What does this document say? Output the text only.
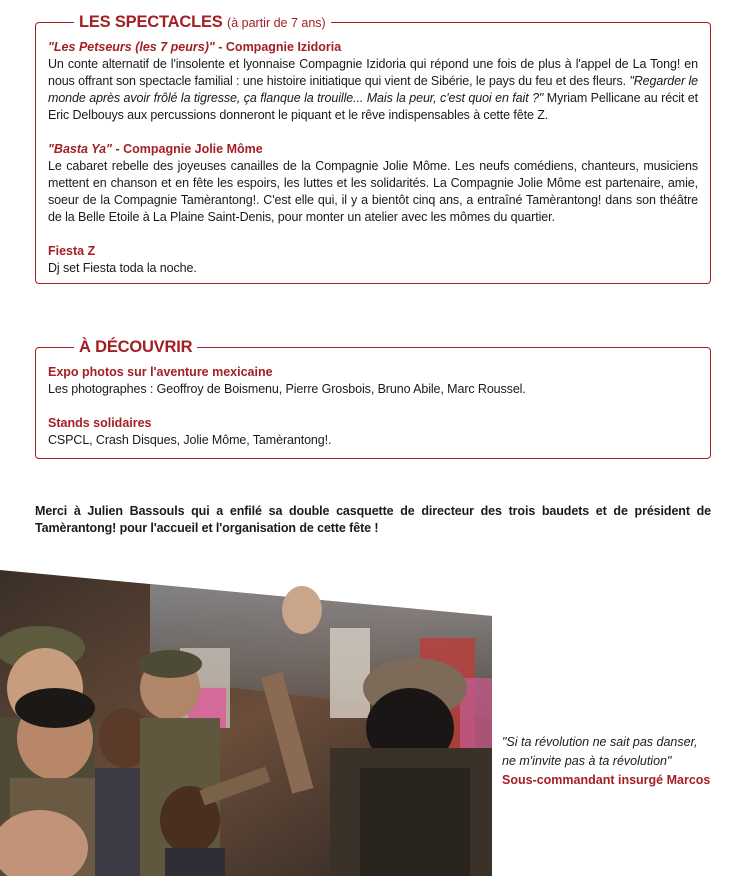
LES SPECTACLES (à partir de 7 ans)

"Les Petseurs (les 7 peurs)" - Compagnie Izidoria

Un conte alternatif de l'insolente et lyonnaise Compagnie Izidoria qui répond une fois de plus à l'appel de La Tong! en nous offrant son spectacle familial : une histoire initiatique qui vient de Sibérie, le pays du feu et des fleurs. "Regarder le monde après avoir frôlé la tigresse, ça flanque la trouille... Mais la peur, c'est quoi en fait ?" Myriam Pellicane au récit et Eric Delbouys aux percussions donneront le piquant et le rêve indispensables à cette fête Z.

"Basta Ya" - Compagnie Jolie Môme

Le cabaret rebelle des joyeuses canailles de la Compagnie Jolie Môme. Les neufs comédiens, chanteurs, musiciens mettent en chanson et en fête les espoirs, les luttes et les solidarités. La Compagnie Jolie Môme est partenaire, amie, soeur de la Compagnie Tamèrantong!. C'est elle qui, il y a bientôt cinq ans, a entraîné Tamèrantong! dans son théâtre de la Belle Etoile à La Plaine Saint-Denis, pour monter un atelier avec les mômes du quartier.

Fiesta Z

Dj set Fiesta toda la noche.

À DÉCOUVRIR

Expo photos sur l'aventure mexicaine

Les photographes : Geoffroy de Boismenu, Pierre Grosbois, Bruno Abile, Marc Roussel.

Stands solidaires

CSPCL, Crash Disques, Jolie Môme, Tamèrantong!.

Merci à Julien Bassouls qui a enfilé sa double casquette de directeur des trois baudets et de président de Tamèrantong! pour l'accueil et l'organisation de cette fête !

"Si ta révolution ne sait pas danser,

ne m'invite pas à ta révolution"

Sous-commandant insurgé Marcos
